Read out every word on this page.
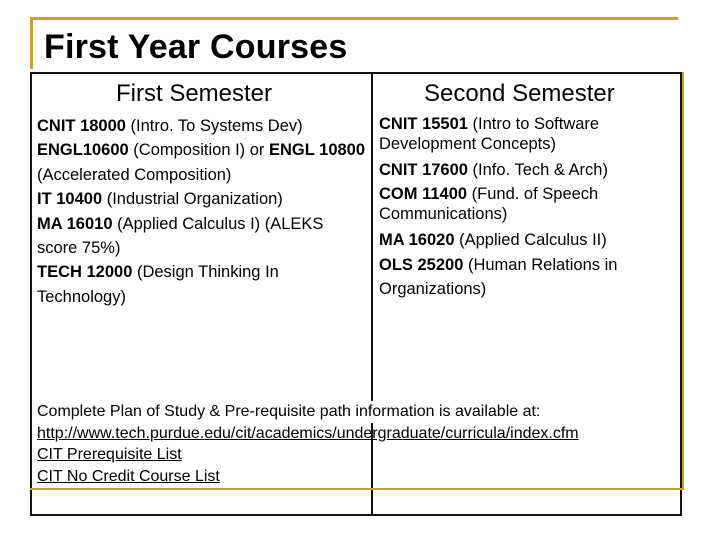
First Year Courses
First Semester	Second Semester
CNIT 18000 (Intro. To Systems Dev)
ENGL10600 (Composition I) or ENGL 10800 (Accelerated Composition)
IT 10400 (Industrial Organization)
MA 16010 (Applied Calculus I) (ALEKS score 75%)
TECH 12000 (Design Thinking In Technology)
CNIT 15501 (Intro to Software Development Concepts)
CNIT 17600 (Info. Tech & Arch)
COM 11400 (Fund. of Speech Communications)
MA 16020 (Applied Calculus II)
OLS 25200 (Human Relations in Organizations)
Complete Plan of Study & Pre-requisite path information is available at:
http://www.tech.purdue.edu/cit/academics/undergraduate/curricula/index.cfm
CIT Prerequisite List
CIT No Credit Course List
